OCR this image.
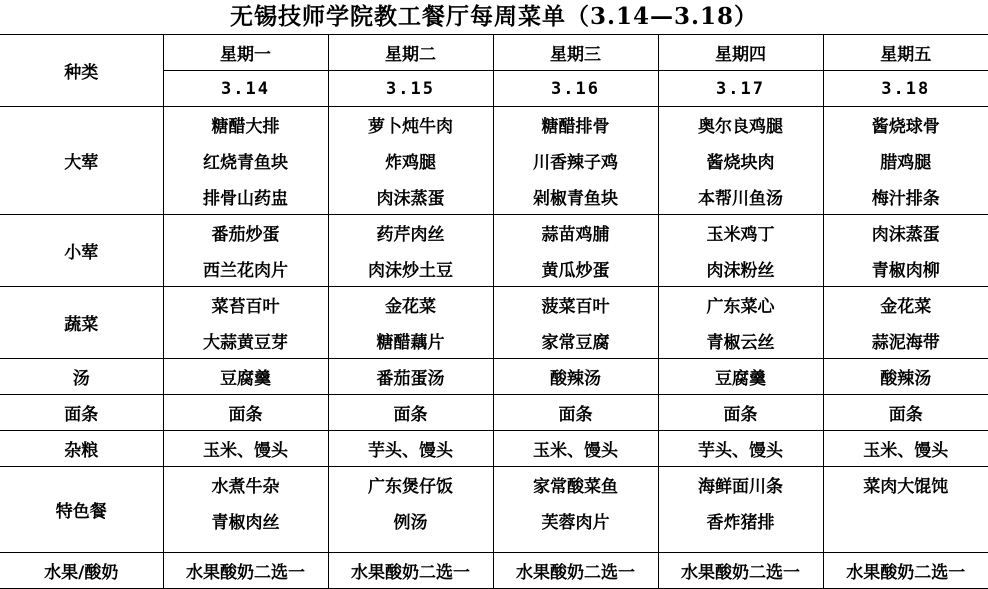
无锡技师学院教工餐厅每周菜单（3.14—3.18）
种类	星期一	星期二	星期三	星期四	星期五
	3.14	3.15	3.16	3.17	3.18
大荤	糖醋大排	萝卜炖牛肉	糖醋排骨	奥尔良鸡腿	酱烧球骨
	红烧青鱼块	炸鸡腿	川香辣子鸡	酱烧块肉	腊鸡腿
	排骨山药盅	肉沫蒸蛋	剁椒青鱼块	本帮川鱼汤	梅汁排条
小荤	番茄炒蛋	药芹肉丝	蒜苗鸡脯	玉米鸡丁	肉沫蒸蛋
	西兰花肉片	肉沫炒土豆	黄瓜炒蛋	肉沫粉丝	青椒肉柳
蔬菜	菜苔百叶	金花菜	菠菜百叶	广东菜心	金花菜
	大蒜黄豆芽	糖醋藕片	家常豆腐	青椒云丝	蒜泥海带
汤	豆腐羹	番茄蛋汤	酸辣汤	豆腐羹	酸辣汤
面条	面条	面条	面条	面条	面条
杂粮	玉米、馒头	芋头、馒头	玉米、馒头	芋头、馒头	玉米、馒头
特色餐	水煮牛杂	广东煲仔饭	家常酸菜鱼	海鲜面川条	菜肉大馄饨
	青椒肉丝	例汤	芙蓉肉片	香炸猪排	

水果/酸奶	水果酸奶二选一	水果酸奶二选一	水果酸奶二选一	水果酸奶二选一	水果酸奶二选一
